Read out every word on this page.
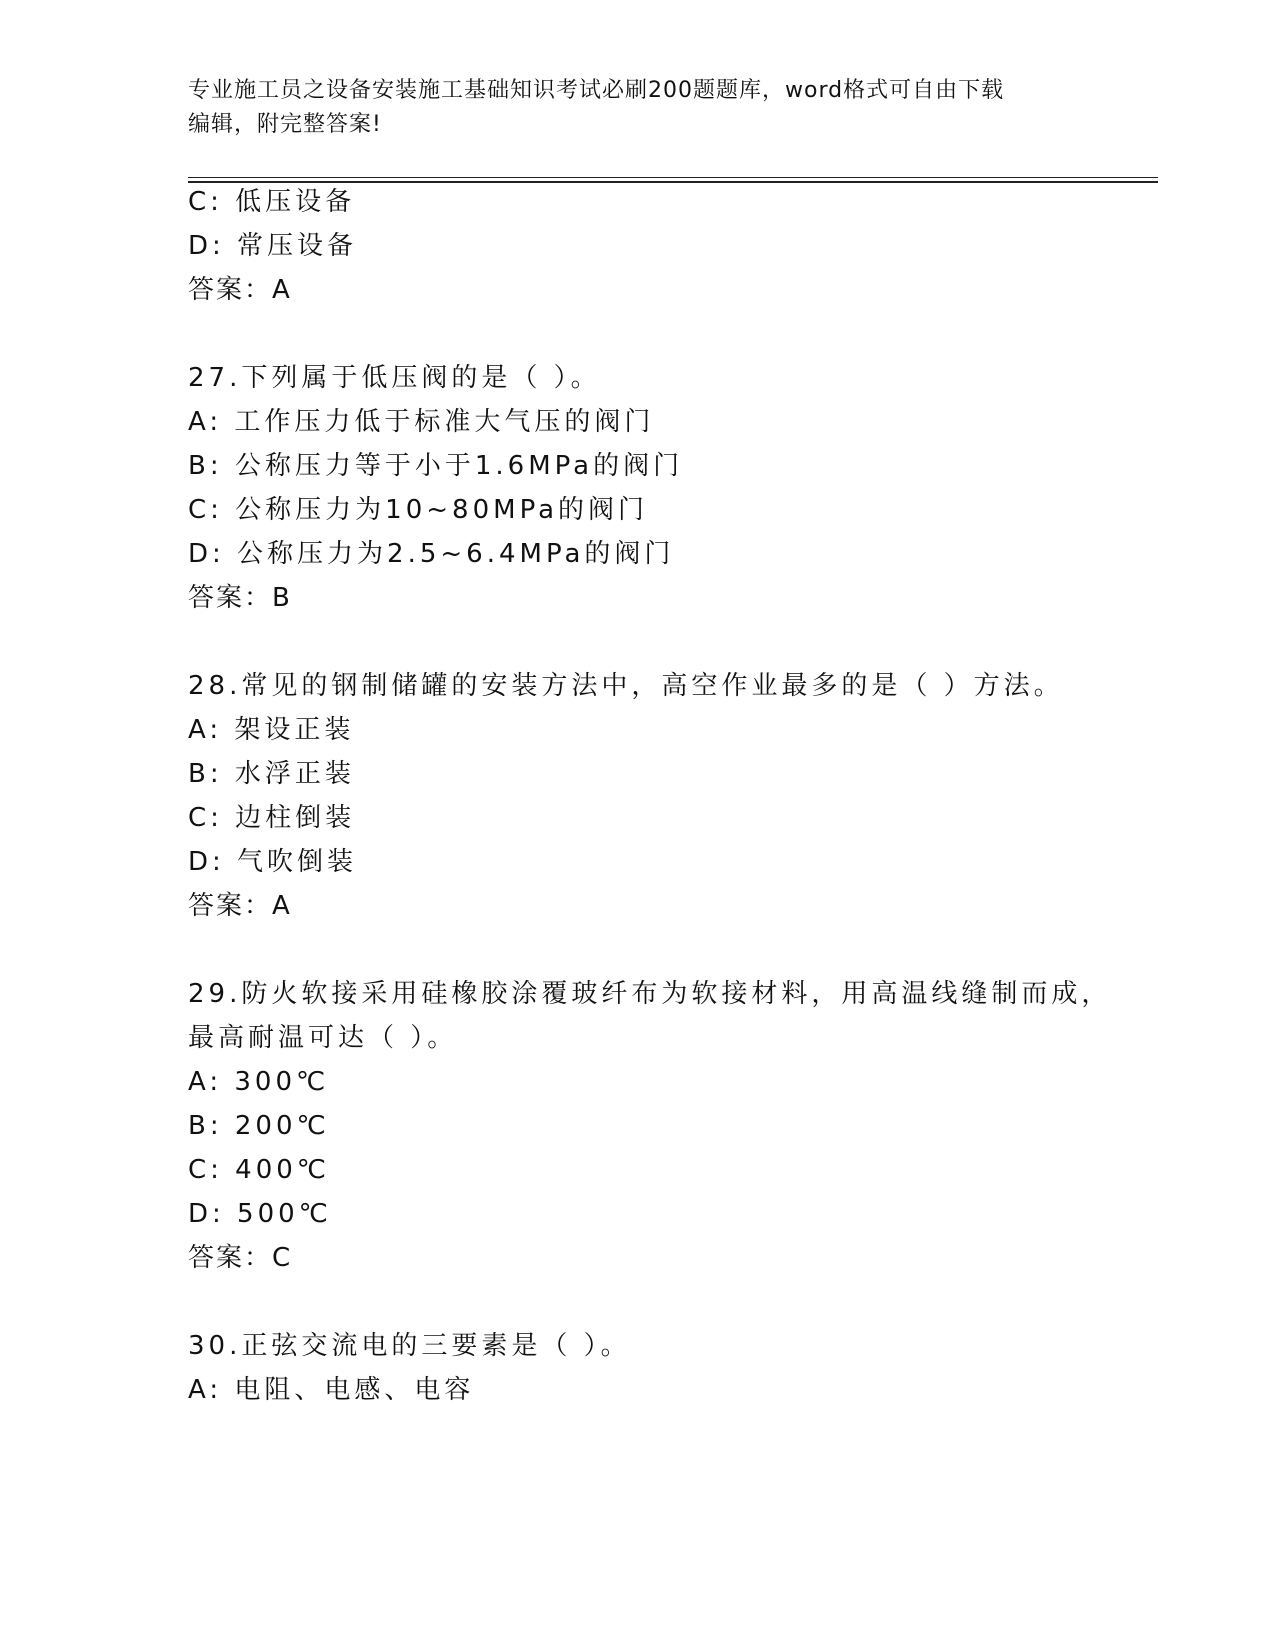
专业施工员之设备安装施工基础知识考试必刷200题题库，word格式可自由下载
编辑，附完整答案!
C: 低压设备
D: 常压设备
答案：A
27.下列属于低压阀的是（ ）。
A: 工作压力低于标准大气压的阀门
B: 公称压力等于小于1.6MPa的阀门
C: 公称压力为10~80MPa的阀门
D: 公称压力为2.5~6.4MPa的阀门
答案：B
28.常见的钢制储罐的安装方法中，高空作业最多的是（ ）方法。
A: 架设正装
B: 水浮正装
C: 边柱倒装
D: 气吹倒装
答案：A
29.防火软接采用硅橡胶涂覆玻纤布为软接材料，用高温线缝制而成，
最高耐温可达（ ）。
A: 300℃
B: 200℃
C: 400℃
D: 500℃
答案：C
30.正弦交流电的三要素是（ ）。
A: 电阻、电感、电容
